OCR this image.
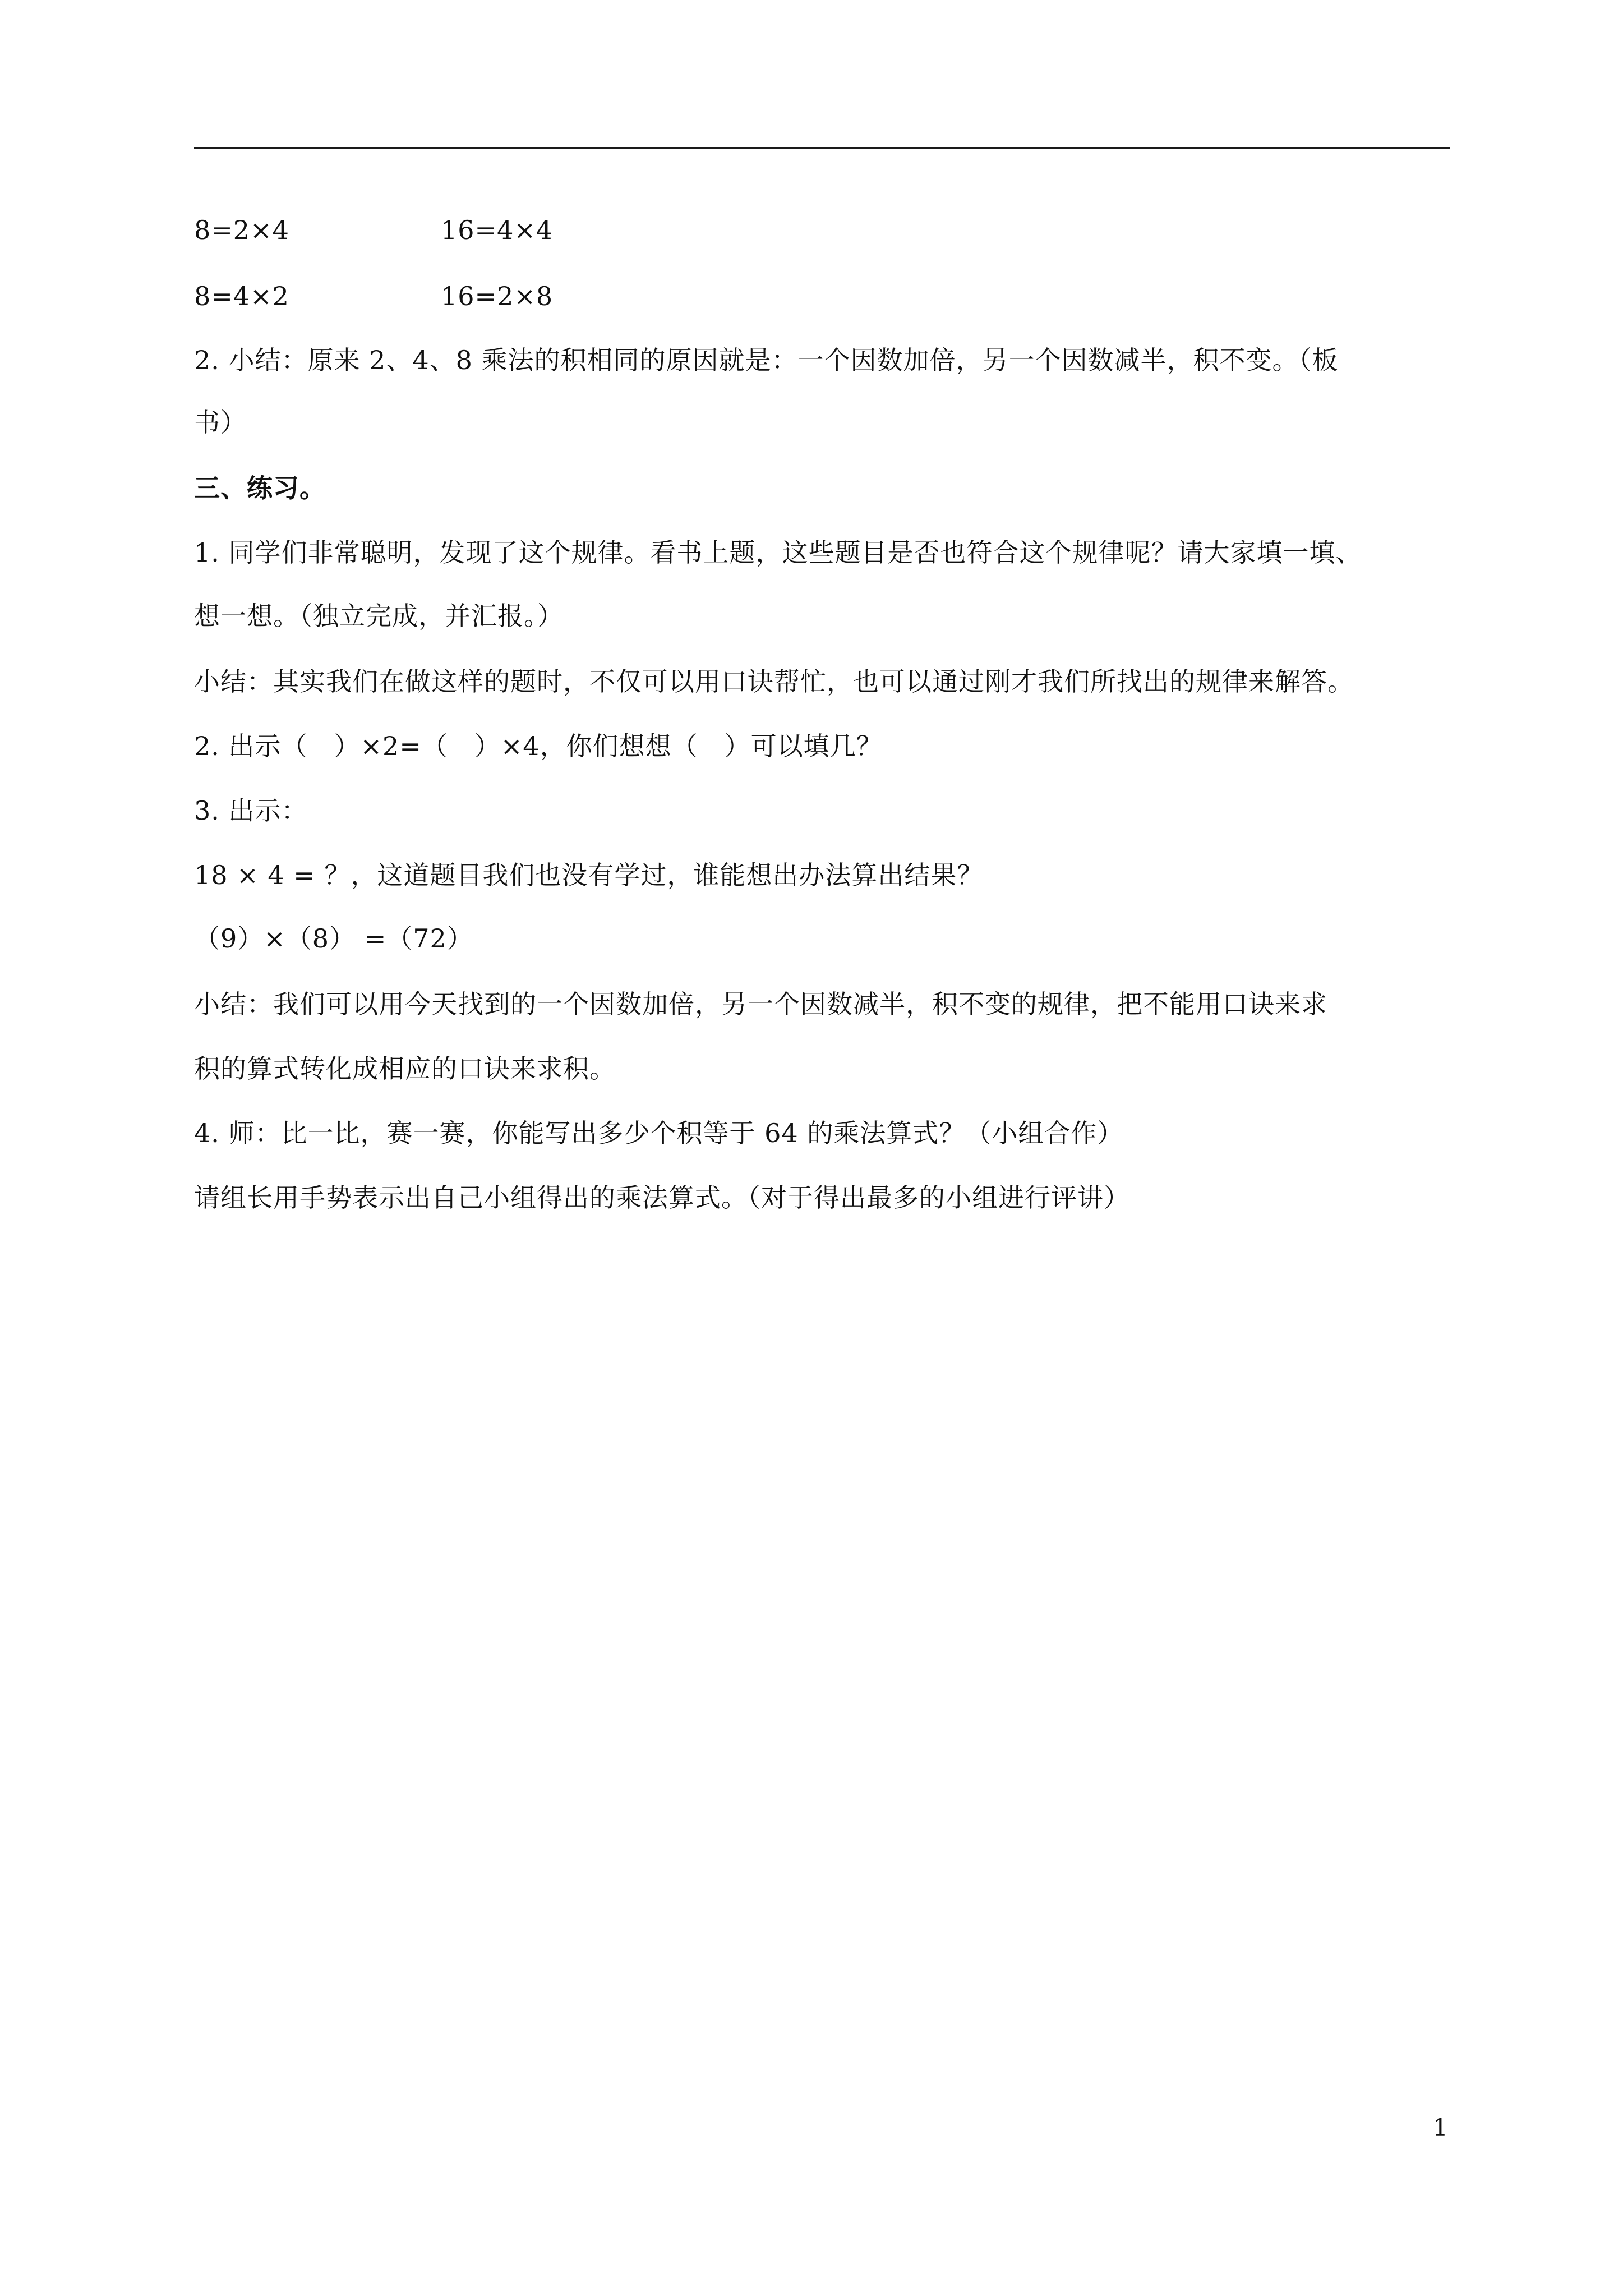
8=2×4	16=4×4
8=4×2	16=2×8
2. 小结：原来 2、4、8 乘法的积相同的原因就是：一个因数加倍，另一个因数减半，积不变。（板
书）
三、练习。
1. 同学们非常聪明，发现了这个规律。看书上题，这些题目是否也符合这个规律呢？请大家填一填、
想一想。（独立完成，并汇报。）
小结：其实我们在做这样的题时，不仅可以用口诀帮忙，也可以通过刚才我们所找出的规律来解答。
2. 出示（　）×2=（　）×4，你们想想（　）可以填几？
3. 出示：
18 × 4 = ？，这道题目我们也没有学过，谁能想出办法算出结果？
（9）×（8） =（72）
小结：我们可以用今天找到的一个因数加倍，另一个因数减半，积不变的规律，把不能用口诀来求
积的算式转化成相应的口诀来求积。
4. 师：比一比，赛一赛，你能写出多少个积等于 64 的乘法算式？（小组合作）
请组长用手势表示出自己小组得出的乘法算式。（对于得出最多的小组进行评讲）
1
